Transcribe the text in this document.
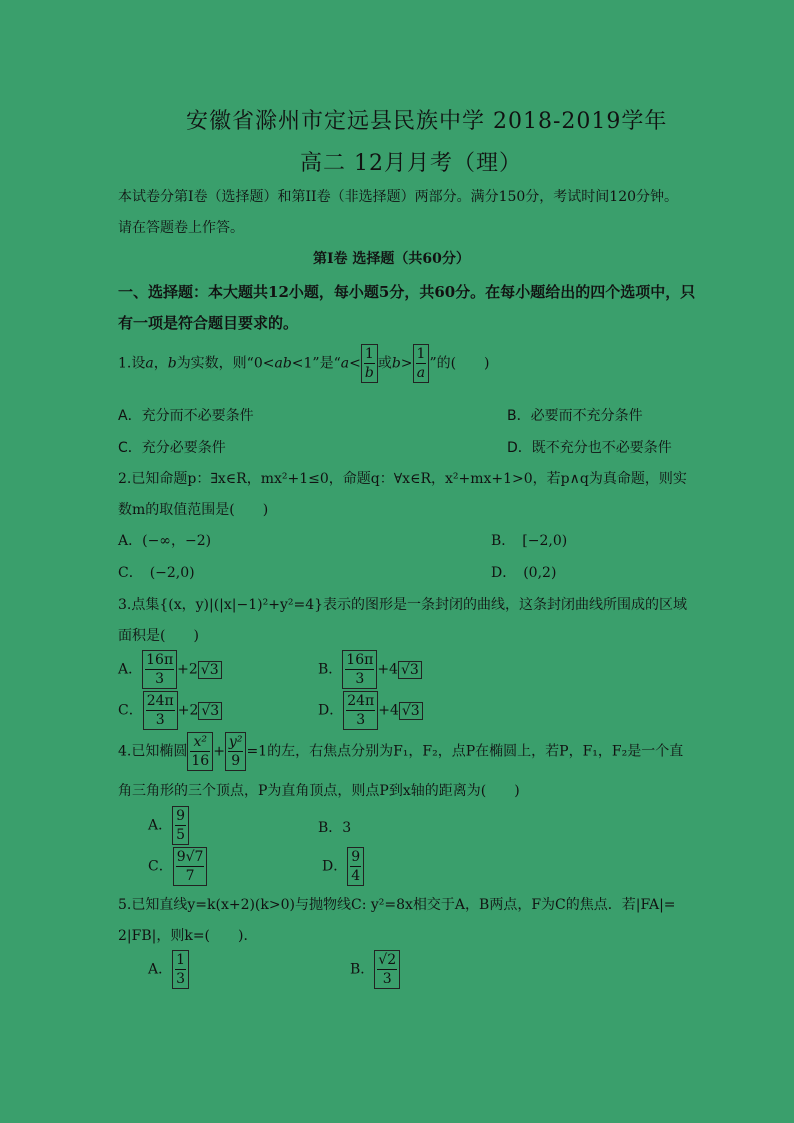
安徽省滁州市定远县民族中学 2018-2019学年
高二 12月月考（理）
本试卷分第I卷（选择题）和第II卷（非选择题）两部分。满分150分，考试时间120分钟。
请在答题卷上作答。
第I卷 选择题（共60分）
一、选择题：本大题共12小题，每小题5分，共60分。在每小题给出的四个选项中，只
有一项是符合题目要求的。
1.设a，b为实数，则“0<ab<1”是“$a< \frac{1}{b}$ 或$b> \frac{1}{a}$ ”的(　　)
A．充分而不必要条件	B．必要而不充分条件
C．充分必要条件	D．既不充分也不必要条件
2.已知命题p：∃x∈R，mx²+1≤0，命题q：∀x∈R，x²+mx+1>0，若p∧q为真命题，则实
数m的取值范围是(　　)
A．(−∞，−2)	B．　[−2,0)
C．　(−2,0)	D．　(0,2)
3.点集{(x，y)|(|x|−1)²+y²=4}表示的图形是一条封闭的曲线，这条封闭曲线所围成的区域
面积是(　　)
A． $\frac{16\pi}{3} +2$ √3	B． $\frac{16\pi}{3} +4$ √3
C． $\frac{24\pi}{3} +2$ √3	D． $\frac{24\pi}{3} +4$ √3
4.已知椭圆 $\frac{\text{x²}}{16} + \frac{\text{y²}}{9} =1$的左，右焦点分别为F₁，F₂，点P在椭圆上，若P，F₁，F₂是一个直
角三角形的三个顶点，P为直角顶点，则点P到x轴的距离为(　　)
A． $\frac{9}{5}$	B．3
C． $\frac{9√7}{7}$	D． $\frac{9}{4}$
5.已知直线y=k(x+2)(k>0)与抛物线C: y²=8x相交于A，B两点，F为C的焦点．若|FA|=
2|FB|，则k=(　　)．
A． $\frac{1}{3}$	B． $\frac{√2}{3}$
